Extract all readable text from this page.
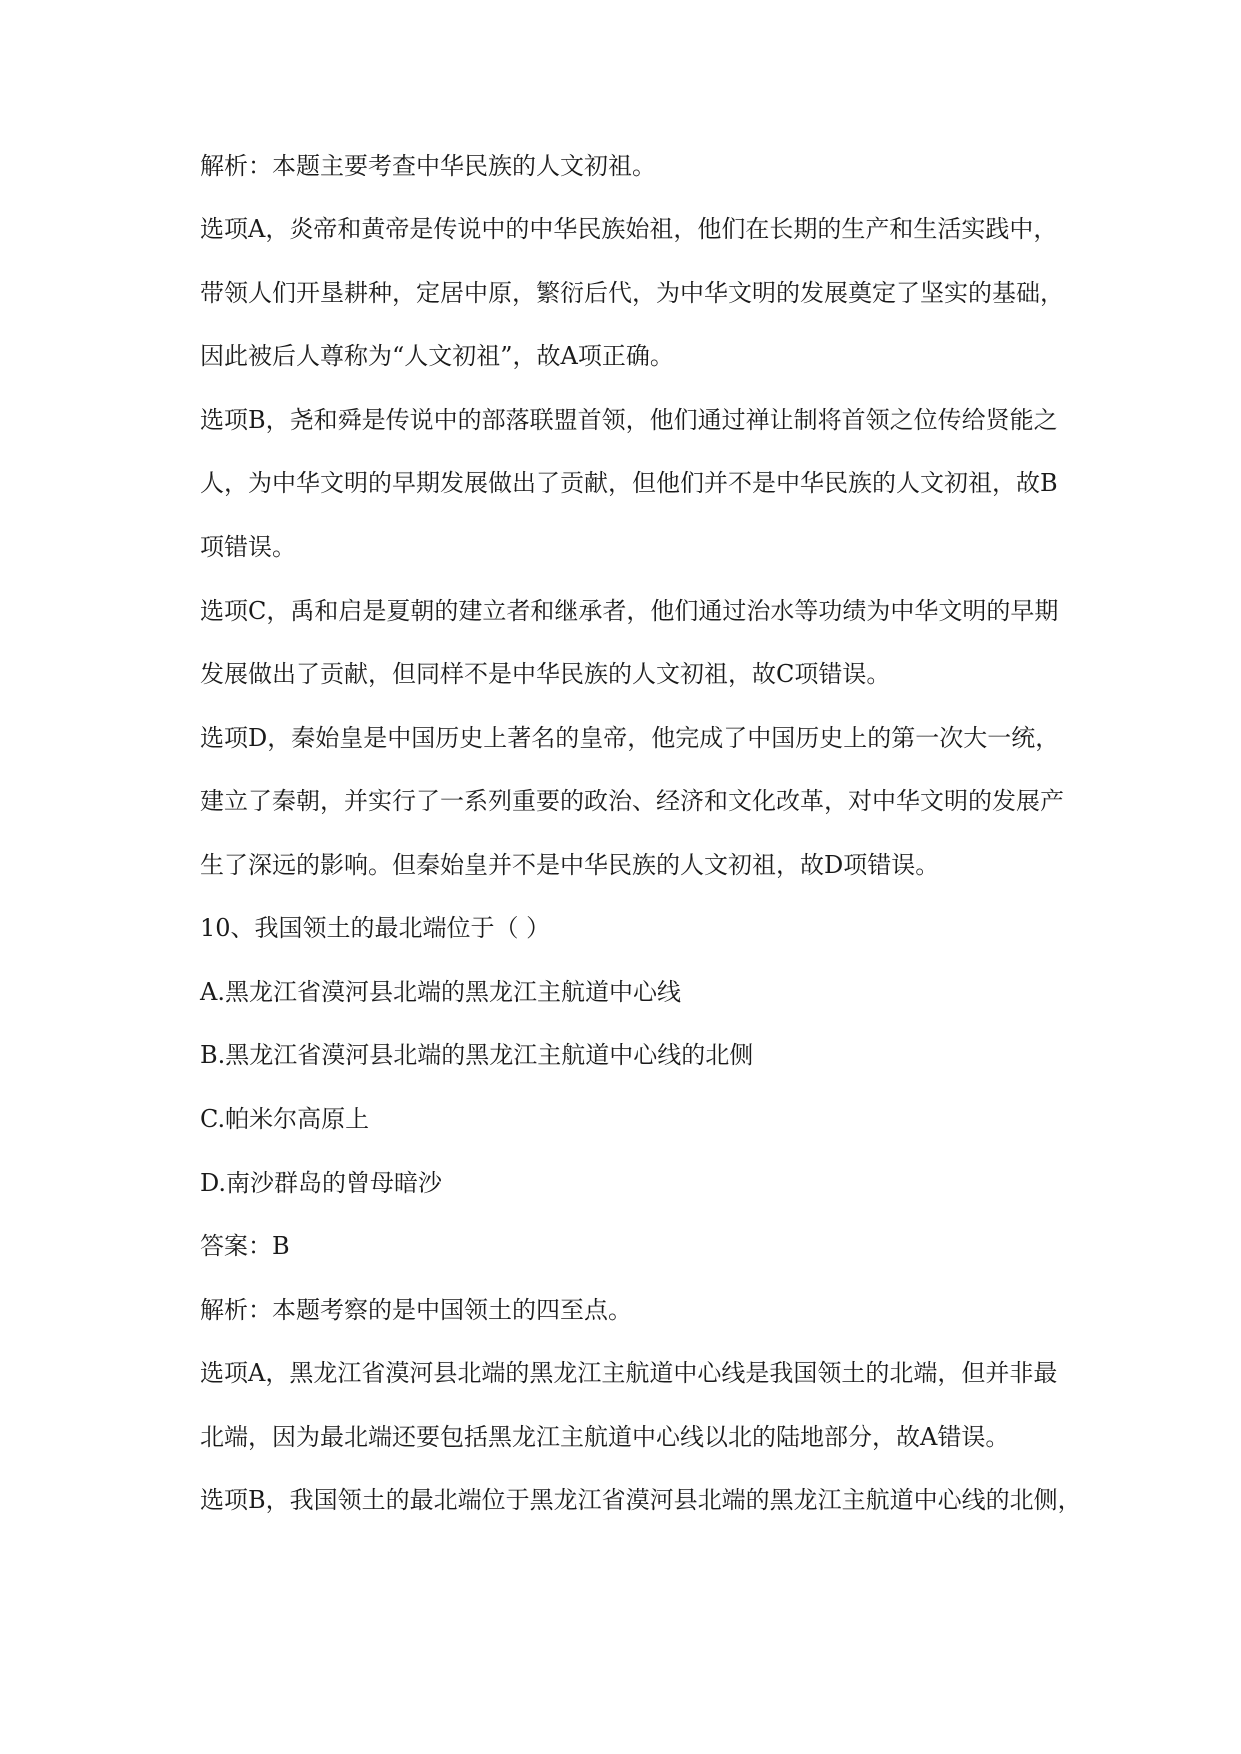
解析：本题主要考查中华民族的人文初祖。
选项A，炎帝和黄帝是传说中的中华民族始祖，他们在长期的生产和生活实践中，
带领人们开垦耕种，定居中原，繁衍后代，为中华文明的发展奠定了坚实的基础，
因此被后人尊称为“人文初祖”，故A项正确。
选项B，尧和舜是传说中的部落联盟首领，他们通过禅让制将首领之位传给贤能之
人，为中华文明的早期发展做出了贡献，但他们并不是中华民族的人文初祖，故B
项错误。
选项C，禹和启是夏朝的建立者和继承者，他们通过治水等功绩为中华文明的早期
发展做出了贡献，但同样不是中华民族的人文初祖，故C项错误。
选项D，秦始皇是中国历史上著名的皇帝，他完成了中国历史上的第一次大一统，
建立了秦朝，并实行了一系列重要的政治、经济和文化改革，对中华文明的发展产
生了深远的影响。但秦始皇并不是中华民族的人文初祖，故D项错误。
10、我国领土的最北端位于（ ）
A.黑龙江省漠河县北端的黑龙江主航道中心线
B.黑龙江省漠河县北端的黑龙江主航道中心线的北侧
C.帕米尔高原上
D.南沙群岛的曾母暗沙
答案：B
解析：本题考察的是中国领土的四至点。
选项A，黑龙江省漠河县北端的黑龙江主航道中心线是我国领土的北端，但并非最
北端，因为最北端还要包括黑龙江主航道中心线以北的陆地部分，故A错误。
选项B，我国领土的最北端位于黑龙江省漠河县北端的黑龙江主航道中心线的北侧，
